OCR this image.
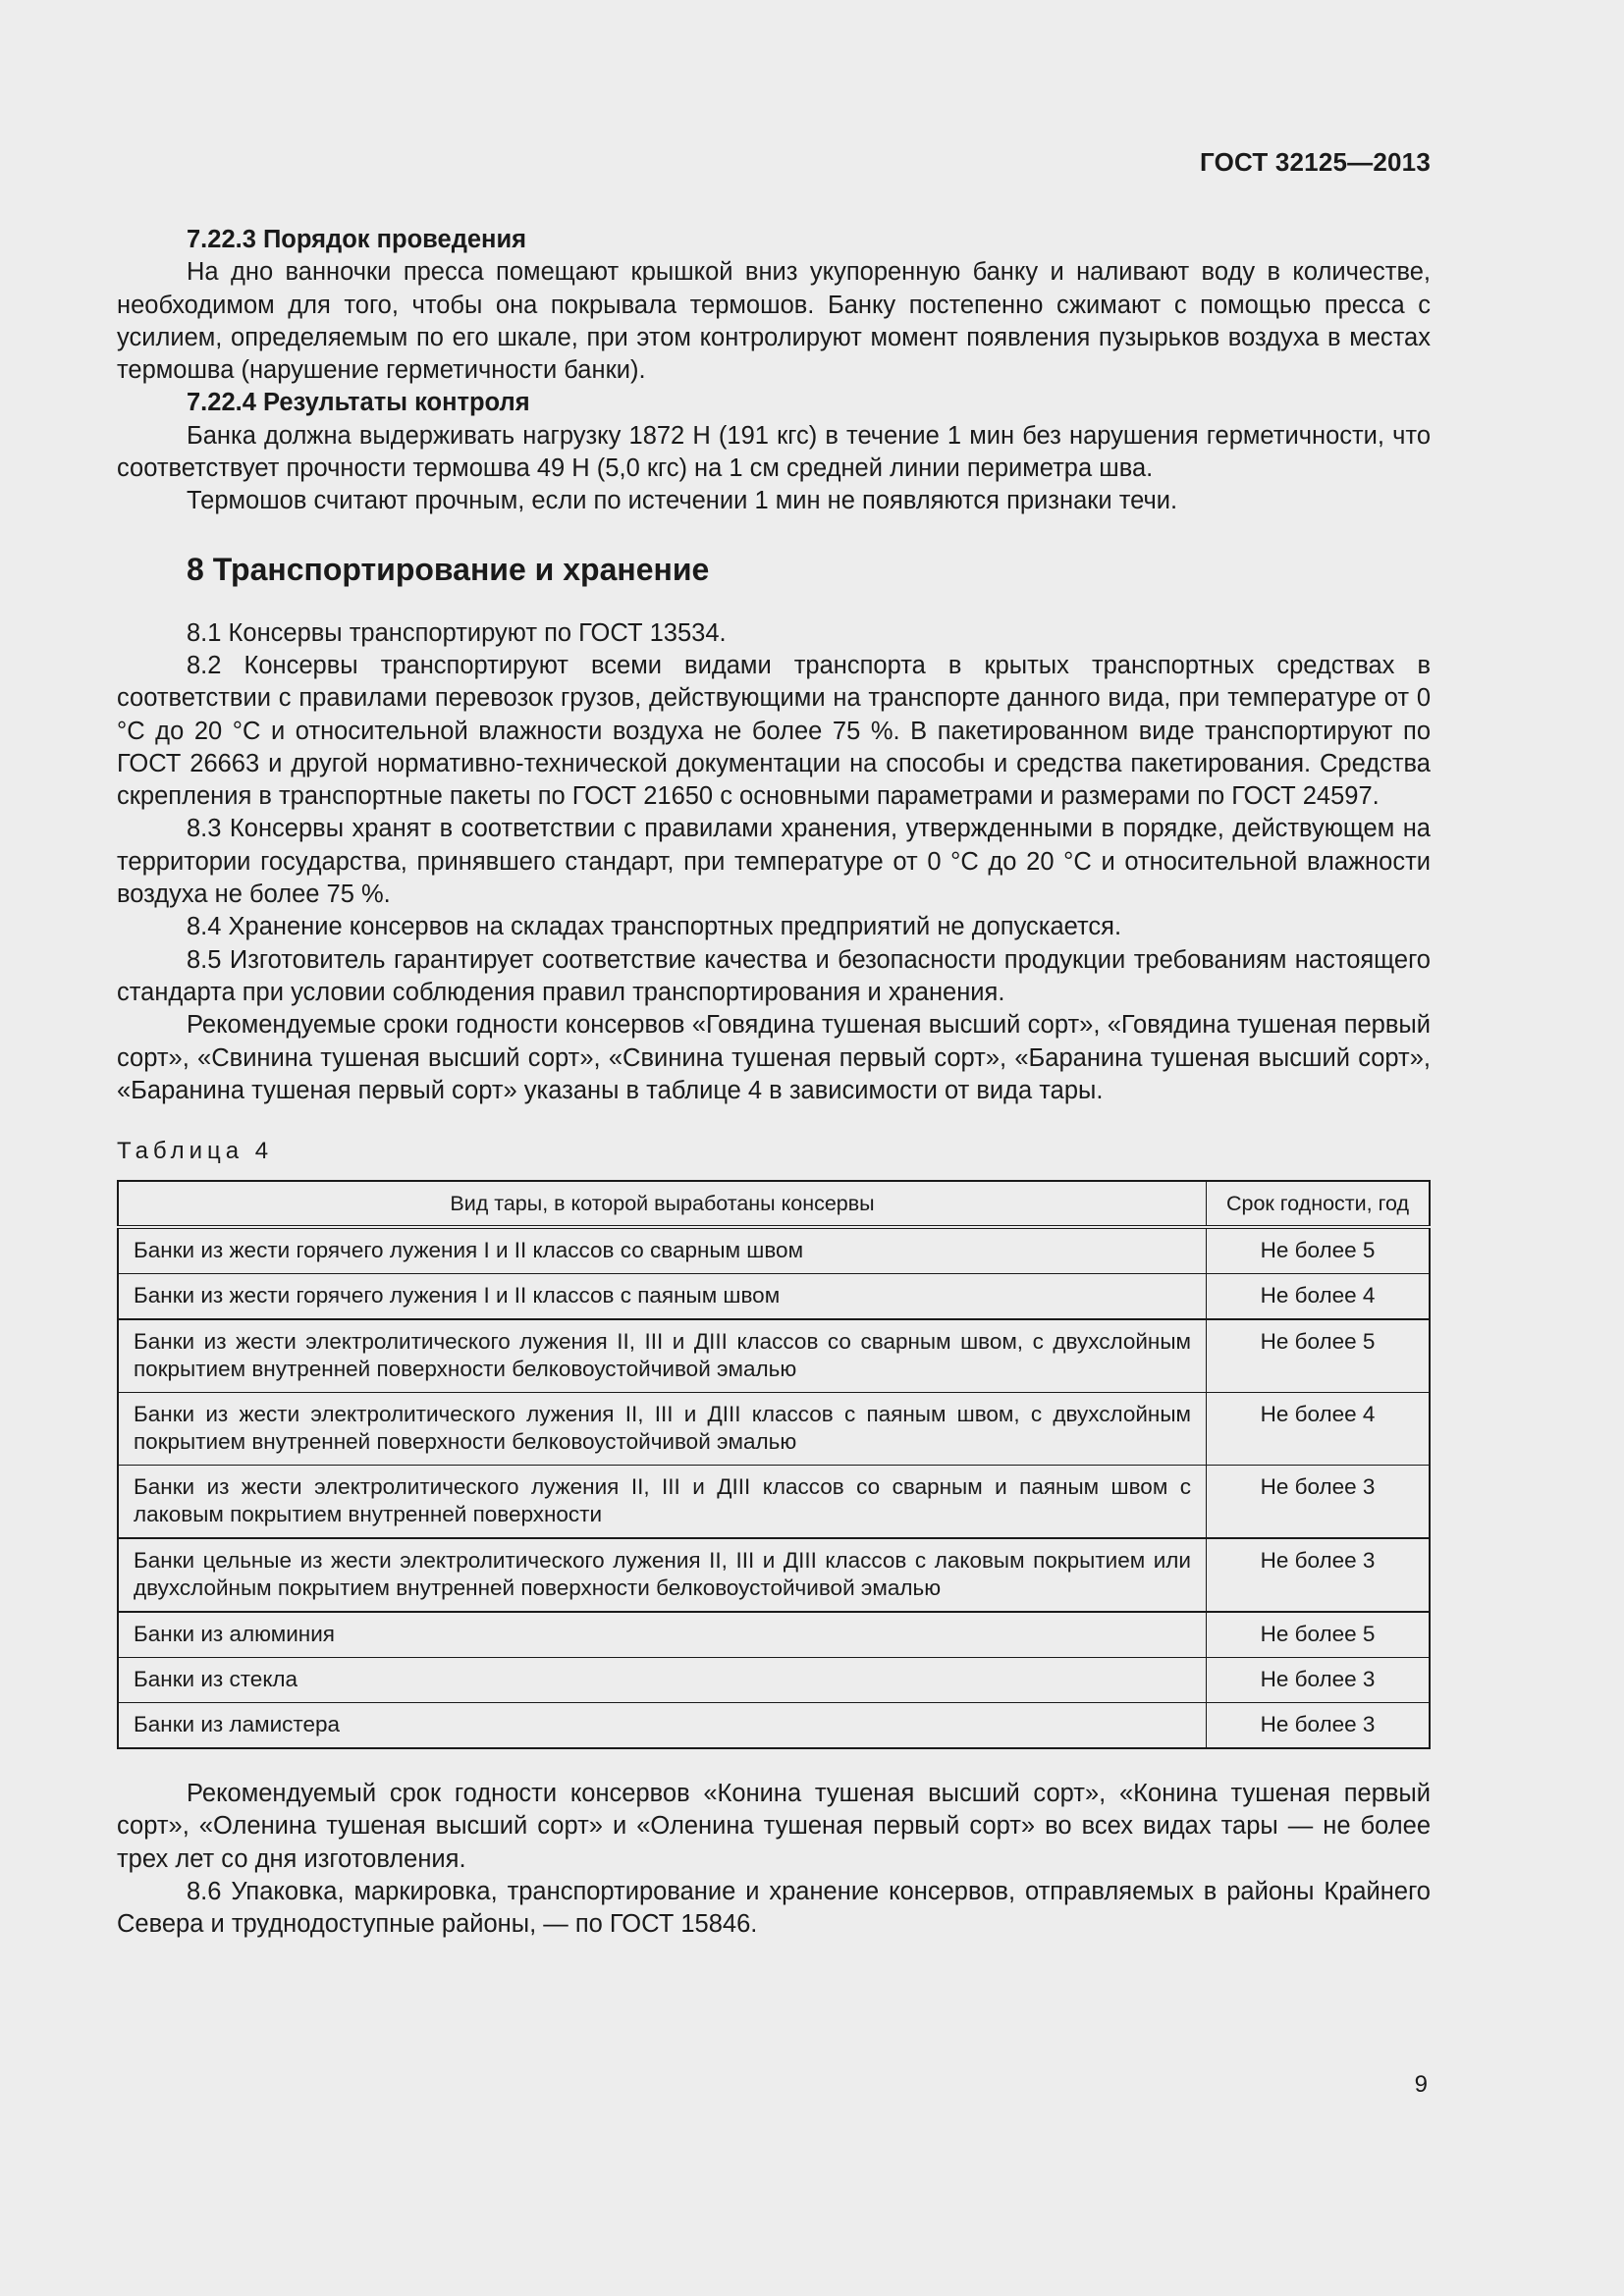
ГОСТ 32125—2013

7.22.3 Порядок проведения

На дно ванночки пресса помещают крышкой вниз укупоренную банку и наливают воду в количестве, необходимом для того, чтобы она покрывала термошов. Банку постепенно сжимают с помощью пресса с усилием, определяемым по его шкале, при этом контролируют момент появления пузырьков воздуха в местах термошва (нарушение герметичности банки).

7.22.4 Результаты контроля

Банка должна выдерживать нагрузку 1872 Н (191 кгс) в течение 1 мин без нарушения герметичности, что соответствует прочности термошва 49 Н (5,0 кгс) на 1 см средней линии периметра шва.

Термошов считают прочным, если по истечении 1 мин не появляются признаки течи.

8 Транспортирование и хранение

8.1 Консервы транспортируют по ГОСТ 13534.

8.2 Консервы транспортируют всеми видами транспорта в крытых транспортных средствах в соответствии с правилами перевозок грузов, действующими на транспорте данного вида, при температуре от 0 °С до 20 °С и относительной влажности воздуха не более 75 %. В пакетированном виде транспортируют по ГОСТ 26663 и другой нормативно-технической документации на способы и средства пакетирования. Средства скрепления в транспортные пакеты по ГОСТ 21650 с основными параметрами и размерами по ГОСТ 24597.

8.3 Консервы хранят в соответствии с правилами хранения, утвержденными в порядке, действующем на территории государства, принявшего стандарт, при температуре от 0 °С до 20 °С и относительной влажности воздуха не более 75 %.

8.4 Хранение консервов на складах транспортных предприятий не допускается.

8.5 Изготовитель гарантирует соответствие качества и безопасности продукции требованиям настоящего стандарта при условии соблюдения правил транспортирования и хранения.

Рекомендуемые сроки годности консервов «Говядина тушеная высший сорт», «Говядина тушеная первый сорт», «Свинина тушеная высший сорт», «Свинина тушеная первый сорт», «Баранина тушеная высший сорт», «Баранина тушеная первый сорт» указаны в таблице 4 в зависимости от вида тары.

Таблица 4
Вид тары, в которой выработаны консервы	Срок годности, год
Банки из жести горячего лужения I и II классов со сварным швом	Не более 5
Банки из жести горячего лужения I и II классов с паяным швом	Не более 4
Банки из жести электролитического лужения II, III и ДIII классов со сварным швом, с двухслойным покрытием внутренней поверхности белковоустойчивой эмалью	Не более 5
Банки из жести электролитического лужения II, III и ДIII классов с паяным швом, с двухслойным покрытием внутренней поверхности белковоустойчивой эмалью	Не более 4
Банки из жести электролитического лужения II, III и ДIII классов со сварным и паяным швом с лаковым покрытием внутренней поверхности	Не более 3
Банки цельные из жести электролитического лужения II, III и ДIII классов с лаковым покрытием или двухслойным покрытием внутренней поверхности белковоустойчивой эмалью	Не более 3
Банки из алюминия	Не более 5
Банки из стекла	Не более 3
Банки из ламистера	Не более 3

Рекомендуемый срок годности консервов «Конина тушеная высший сорт», «Конина тушеная первый сорт», «Оленина тушеная высший сорт» и «Оленина тушеная первый сорт» во всех видах тары — не более трех лет со дня изготовления.

8.6 Упаковка, маркировка, транспортирование и хранение консервов, отправляемых в районы Крайнего Севера и труднодоступные районы, — по ГОСТ 15846.

9
